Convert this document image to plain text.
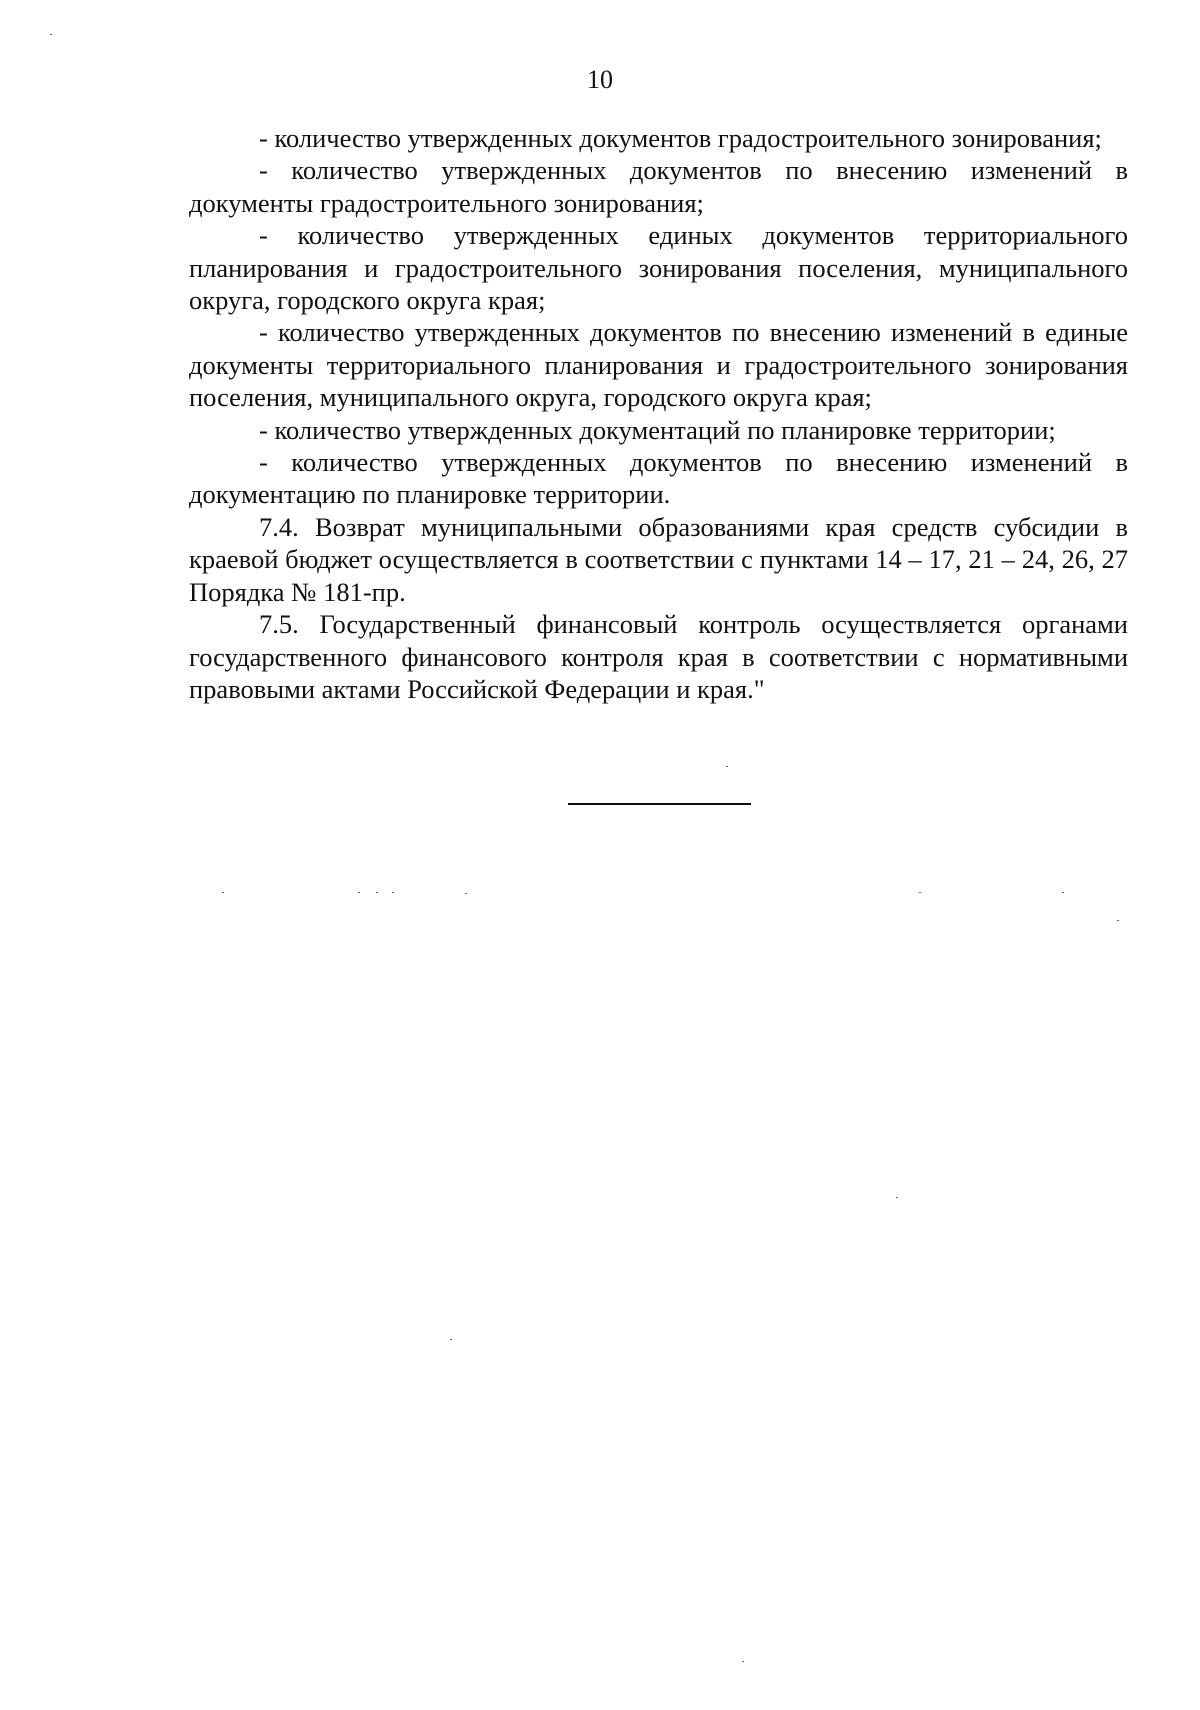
10

- количество утвержденных документов градостроительного зонирования;

- количество утвержденных документов по внесению изменений в документы градостроительного зонирования;

- количество утвержденных единых документов территориального планирования и градостроительного зонирования поселения, муниципального округа, городского округа края;

- количество утвержденных документов по внесению изменений в единые документы территориального планирования и градостроительного зонирования поселения, муниципального округа, городского округа края;

- количество утвержденных документаций по планировке территории;

- количество утвержденных документов по внесению изменений в документацию по планировке территории.

7.4. Возврат муниципальными образованиями края средств субсидии в краевой бюджет осуществляется в соответствии с пунктами 14 – 17, 21 – 24, 26, 27 Порядка № 181-пр.

7.5. Государственный финансовый контроль осуществляется органами государственного финансового контроля края в соответствии с нормативными правовыми актами Российской Федерации и края."
